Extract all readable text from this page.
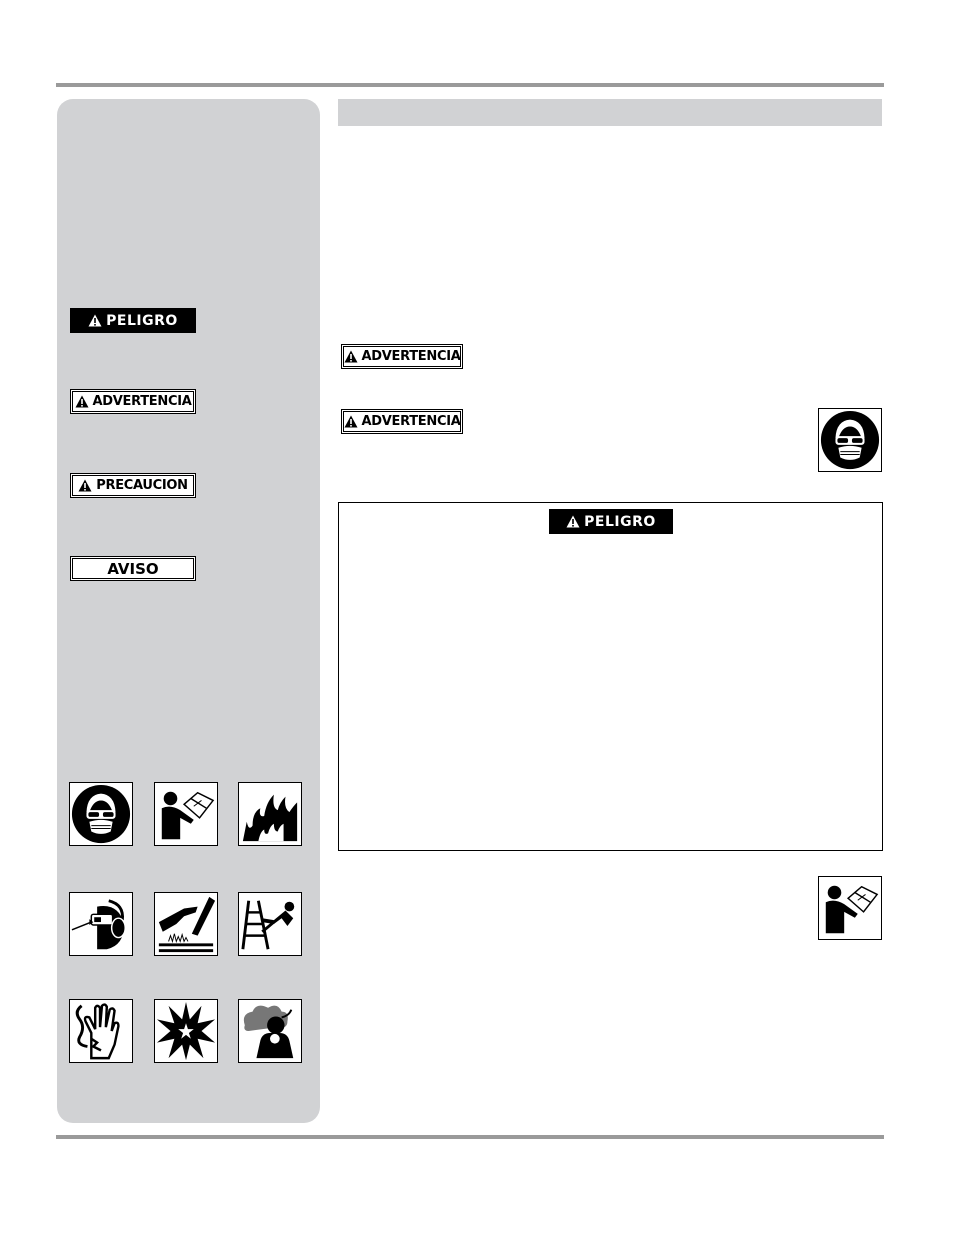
PELIGRO
ADVERTENCIA
PRECAUCION
AVISO
ADVERTENCIA
ADVERTENCIA
PELIGRO
